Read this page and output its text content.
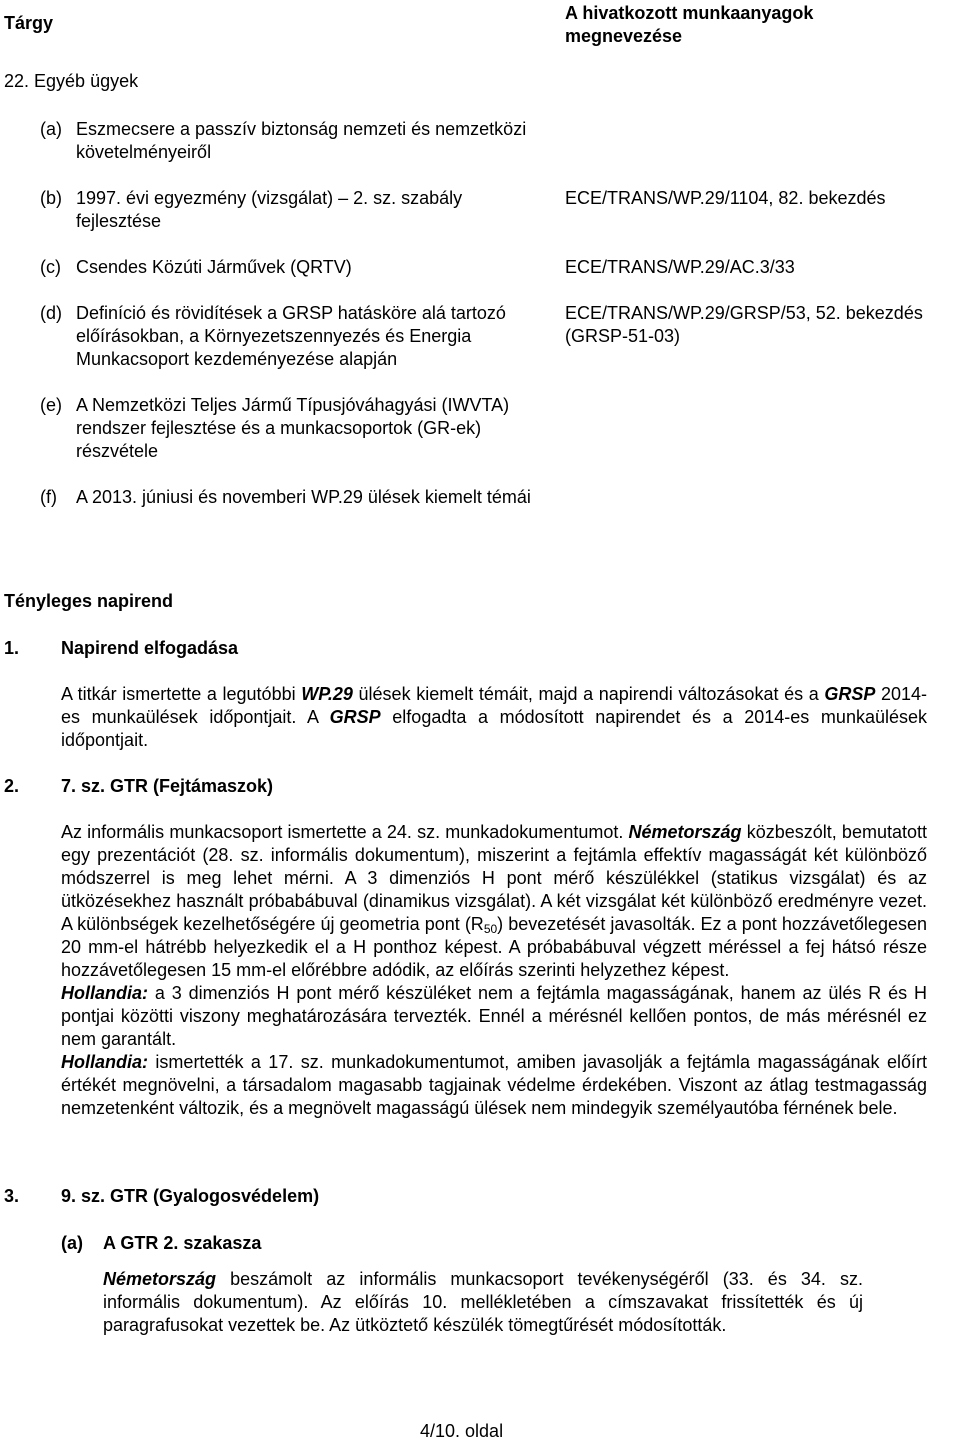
Tárgy	A hivatkozott munkaanyagok megnevezése
22. Egyéb ügyek
(a) Eszmecsere a passzív biztonság nemzeti és nemzetközi követelményeiről
(b) 1997. évi egyezmény (vizsgálat) – 2. sz. szabály fejlesztése
ECE/TRANS/WP.29/1104, 82. bekezdés
(c) Csendes Közúti Járművek (QRTV)	ECE/TRANS/WP.29/AC.3/33
(d) Definíció és rövidítések a GRSP hatásköre alá tartozó előírásokban, a Környezetszennyezés és Energia Munkacsoport kezdeményezése alapján
ECE/TRANS/WP.29/GRSP/53, 52. bekezdés (GRSP-51-03)
(e) A Nemzetközi Teljes Jármű Típusjóváhagyási (IWVTA) rendszer fejlesztése és a munkacsoportok (GR-ek) részvétele
(f) A 2013. júniusi és novemberi WP.29 ülések kiemelt témái
Tényleges napirend
1. Napirend elfogadása

A titkár ismertette a legutóbbi WP.29 ülések kiemelt témáit, majd a napirendi változásokat és a GRSP 2014-es munkaülések időpontjait. A GRSP elfogadta a módosított napirendet és a 2014-es munkaülések időpontjait.

2. 7. sz. GTR (Fejtámaszok)

Az informális munkacsoport ismertette a 24. sz. munkadokumentumot. Németország közbeszólt, bemutatott egy prezentációt (28. sz. informális dokumentum), miszerint a fejtámla effektív magasságát két különböző módszerrel is meg lehet mérni. A 3 dimenziós H pont mérő készülékkel (statikus vizsgálat) és az ütközésekhez használt próbabábuval (dinamikus vizsgálat). A két vizsgálat két különböző eredményre vezet. A különbségek kezelhetőségére új geometria pont $(R_{50})$ bevezetését javasolták. Ez a pont hozzávetőlegesen 20 mm-el hátrébb helyezkedik el a H ponthoz képest. A próbabábuval végzett méréssel a fej hátsó része hozzávetőlegesen 15 mm-el előrébbre adódik, az előírás szerinti helyzethez képest.

Hollandia: a 3 dimenziós H pont mérő készüléket nem a fejtámla magasságának, hanem az ülés R és H pontjai közötti viszony meghatározására tervezték. Ennél a mérésnél kellően pontos, de más mérésnél ez nem garantált.

Hollandia: ismertették a 17. sz. munkadokumentumot, amiben javasolják a fejtámla magasságának előírt értékét megnövelni, a társadalom magasabb tagjainak védelme érdekében. Viszont az átlag testmagasság nemzetenként változik, és a megnövelt magasságú ülések nem mindegyik személyautóba férnének bele.

3. 9. sz. GTR (Gyalogosvédelem)
(a) A GTR 2. szakasza

Németország beszámolt az informális munkacsoport tevékenységéről (33. és 34. sz. informális dokumentum). Az előírás 10. mellékletében a címszavakat frissítették és új paragrafusokat vezettek be. Az ütköztető készülék tömegtűrését módosították.

4/10. oldal
